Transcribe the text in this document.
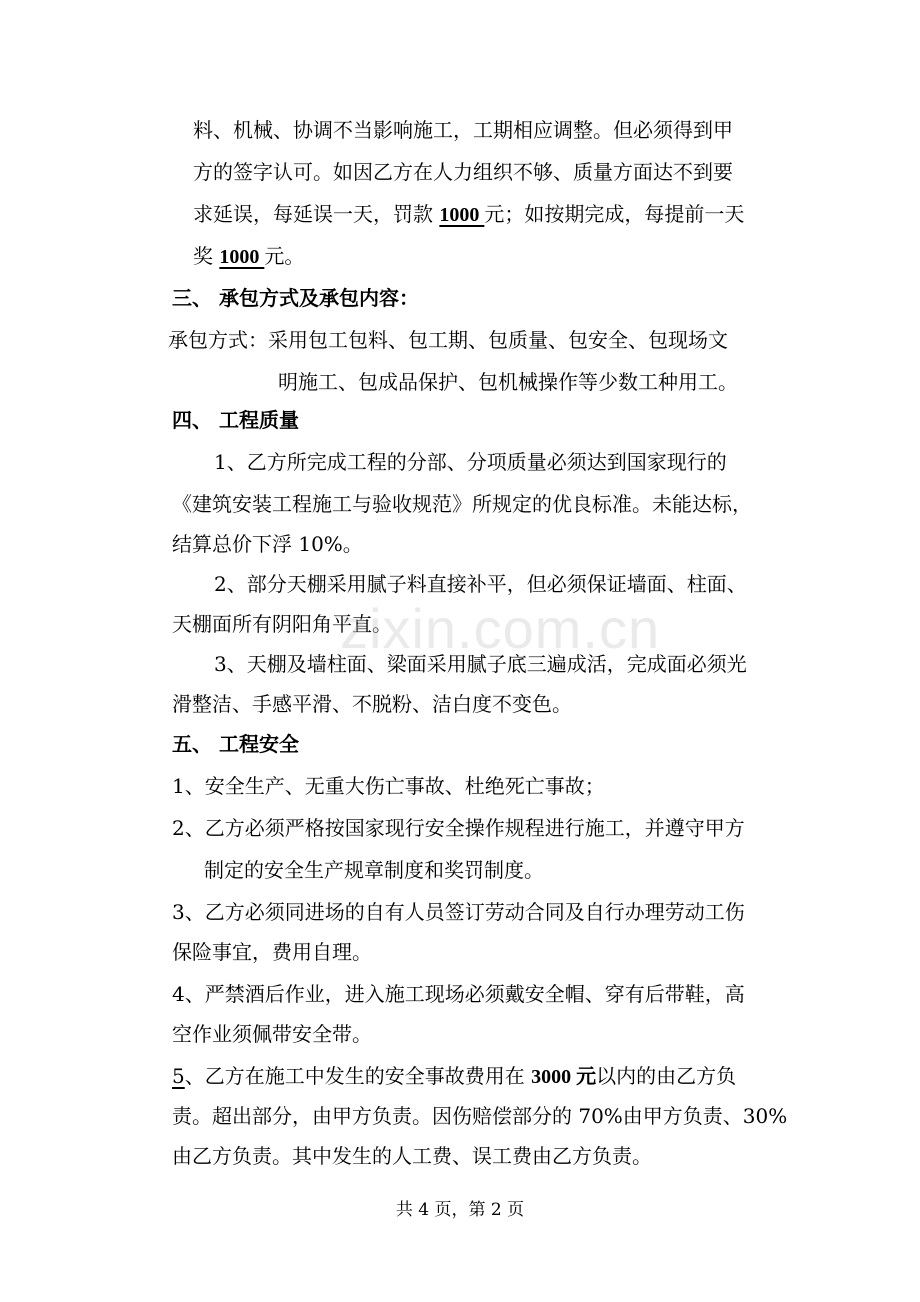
料、机械、协调不当影响施工，工期相应调整。但必须得到甲
方的签字认可。如因乙方在人力组织不够、质量方面达不到要
求延误，每延误一天，罚款 1000 元；如按期完成，每提前一天
奖 1000 元。
三、 承包方式及承包内容：
承包方式：采用包工包料、包工期、包质量、包安全、包现场文
明施工、包成品保护、包机械操作等少数工种用工。
四、 工程质量
1、乙方所完成工程的分部、分项质量必须达到国家现行的
《建筑安装工程施工与验收规范》所规定的优良标准。未能达标，
结算总价下浮 10%。
2、部分天棚采用腻子料直接补平，但必须保证墙面、柱面、
天棚面所有阴阳角平直。
3、天棚及墙柱面、梁面采用腻子底三遍成活，完成面必须光
滑整洁、手感平滑、不脱粉、洁白度不变色。
五、 工程安全
1、安全生产、无重大伤亡事故、杜绝死亡事故；
2、乙方必须严格按国家现行安全操作规程进行施工，并遵守甲方
制定的安全生产规章制度和奖罚制度。
3、乙方必须同进场的自有人员签订劳动合同及自行办理劳动工伤
保险事宜，费用自理。
4、严禁酒后作业，进入施工现场必须戴安全帽、穿有后带鞋，高
空作业须佩带安全带。
5、乙方在施工中发生的安全事故费用在 3000 元以内的由乙方负
责。超出部分，由甲方负责。因伤赔偿部分的 70%由甲方负责、30%
由乙方负责。其中发生的人工费、误工费由乙方负责。
zixin.com.cn
共 4 页，第 2 页
